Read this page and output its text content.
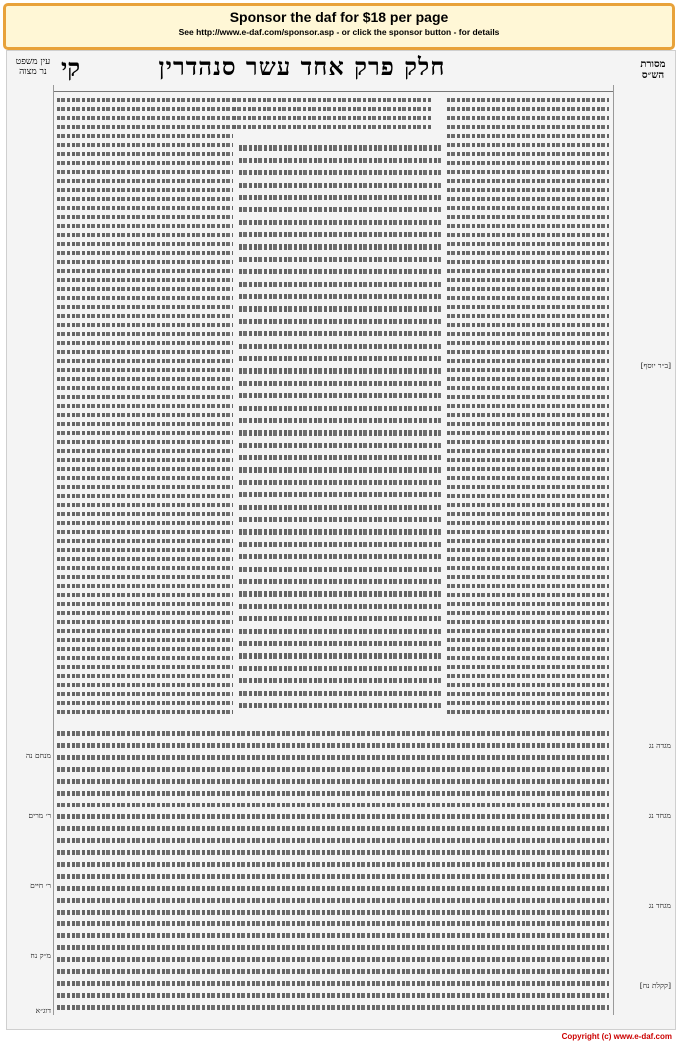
Sponsor the daf for $18 per page
See http://www.e-daf.com/sponsor.asp - or click the sponsor button - for details
עין משפט נר מצוה קי	חלק פרק אחד עשר סנהדרין	מסורת הש״ס
מנחם נה
ר׳ מרים
ר׳ חיים
מ״ק נח
דוג״א
[ב״ר יוסף]
מגדה נג
מגחד נג
מגחד נג
[קקלת נח]
Copyright (c) www.e-daf.com
